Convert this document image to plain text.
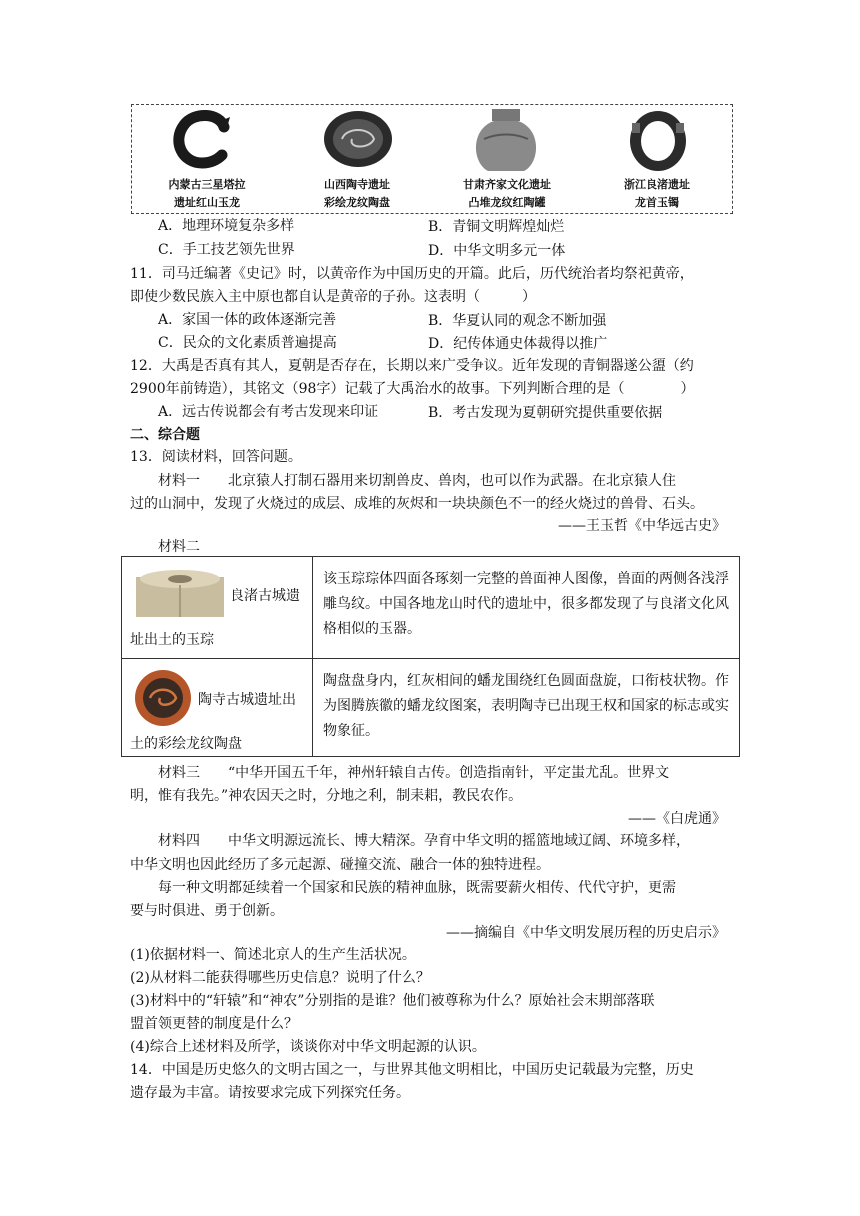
内蒙古三星塔拉
遗址红山玉龙
山西陶寺遗址
彩绘龙纹陶盘
甘肃齐家文化遗址
凸堆龙纹红陶罐
浙江良渚遗址
龙首玉镯
A．地理环境复杂多样	B．青铜文明辉煌灿烂
C．手工技艺领先世界	D．中华文明多元一体
11．司马迁编著《史记》时，以黄帝作为中国历史的开篇。此后，历代统治者均祭祀黄帝，
即使少数民族入主中原也都自认是黄帝的子孙。这表明（　　　）
A．家国一体的政体逐渐完善	B．华夏认同的观念不断加强
C．民众的文化素质普遍提高	D．纪传体通史体裁得以推广
12．大禹是否真有其人，夏朝是否存在，长期以来广受争议。近年发现的青铜器遂公盨（约
2900年前铸造），其铭文（98字）记载了大禹治水的故事。下列判断合理的是（　　　　）
A．远古传说都会有考古发现来印证	B．考古发现为夏朝研究提供重要依据
二、综合题
13．阅读材料，回答问题。
材料一　　北京猿人打制石器用来切割兽皮、兽肉，也可以作为武器。在北京猿人住
过的山洞中，发现了火烧过的成层、成堆的灰烬和一块块颜色不一的经火烧过的兽骨、石头。
——王玉哲《中华远古史》
材料二
良渚古城遗
址出土的玉琮	该玉琮琮体四面各琢刻一完整的兽面神人图像，兽面的两侧各浅浮雕鸟纹。中国各地龙山时代的遗址中，很多都发现了与良渚文化风格相似的玉器。

陶寺古城遗址出
土的彩绘龙纹陶盘	陶盘盘身内，红灰相间的蟠龙围绕红色圆面盘旋，口衔枝状物。作为图腾族徽的蟠龙纹图案，表明陶寺已出现王权和国家的标志或实物象征。
材料三　　“中华开国五千年，神州轩辕自古传。创造指南针，平定蚩尤乱。世界文
明，惟有我先。”神农因天之时，分地之利，制耒耜，教民农作。
——《白虎通》
材料四　　中华文明源远流长、博大精深。孕育中华文明的摇篮地域辽阔、环境多样，
中华文明也因此经历了多元起源、碰撞交流、融合一体的独特进程。
每一种文明都延续着一个国家和民族的精神血脉，既需要薪火相传、代代守护，更需
要与时俱进、勇于创新。
——摘编自《中华文明发展历程的历史启示》
(1)依据材料一、简述北京人的生产生活状况。
(2)从材料二能获得哪些历史信息？说明了什么？
(3)材料中的“轩辕”和“神农”分别指的是谁？他们被尊称为什么？原始社会末期部落联
盟首领更替的制度是什么？
(4)综合上述材料及所学，谈谈你对中华文明起源的认识。
14．中国是历史悠久的文明古国之一，与世界其他文明相比，中国历史记载最为完整，历史
遗存最为丰富。请按要求完成下列探究任务。
